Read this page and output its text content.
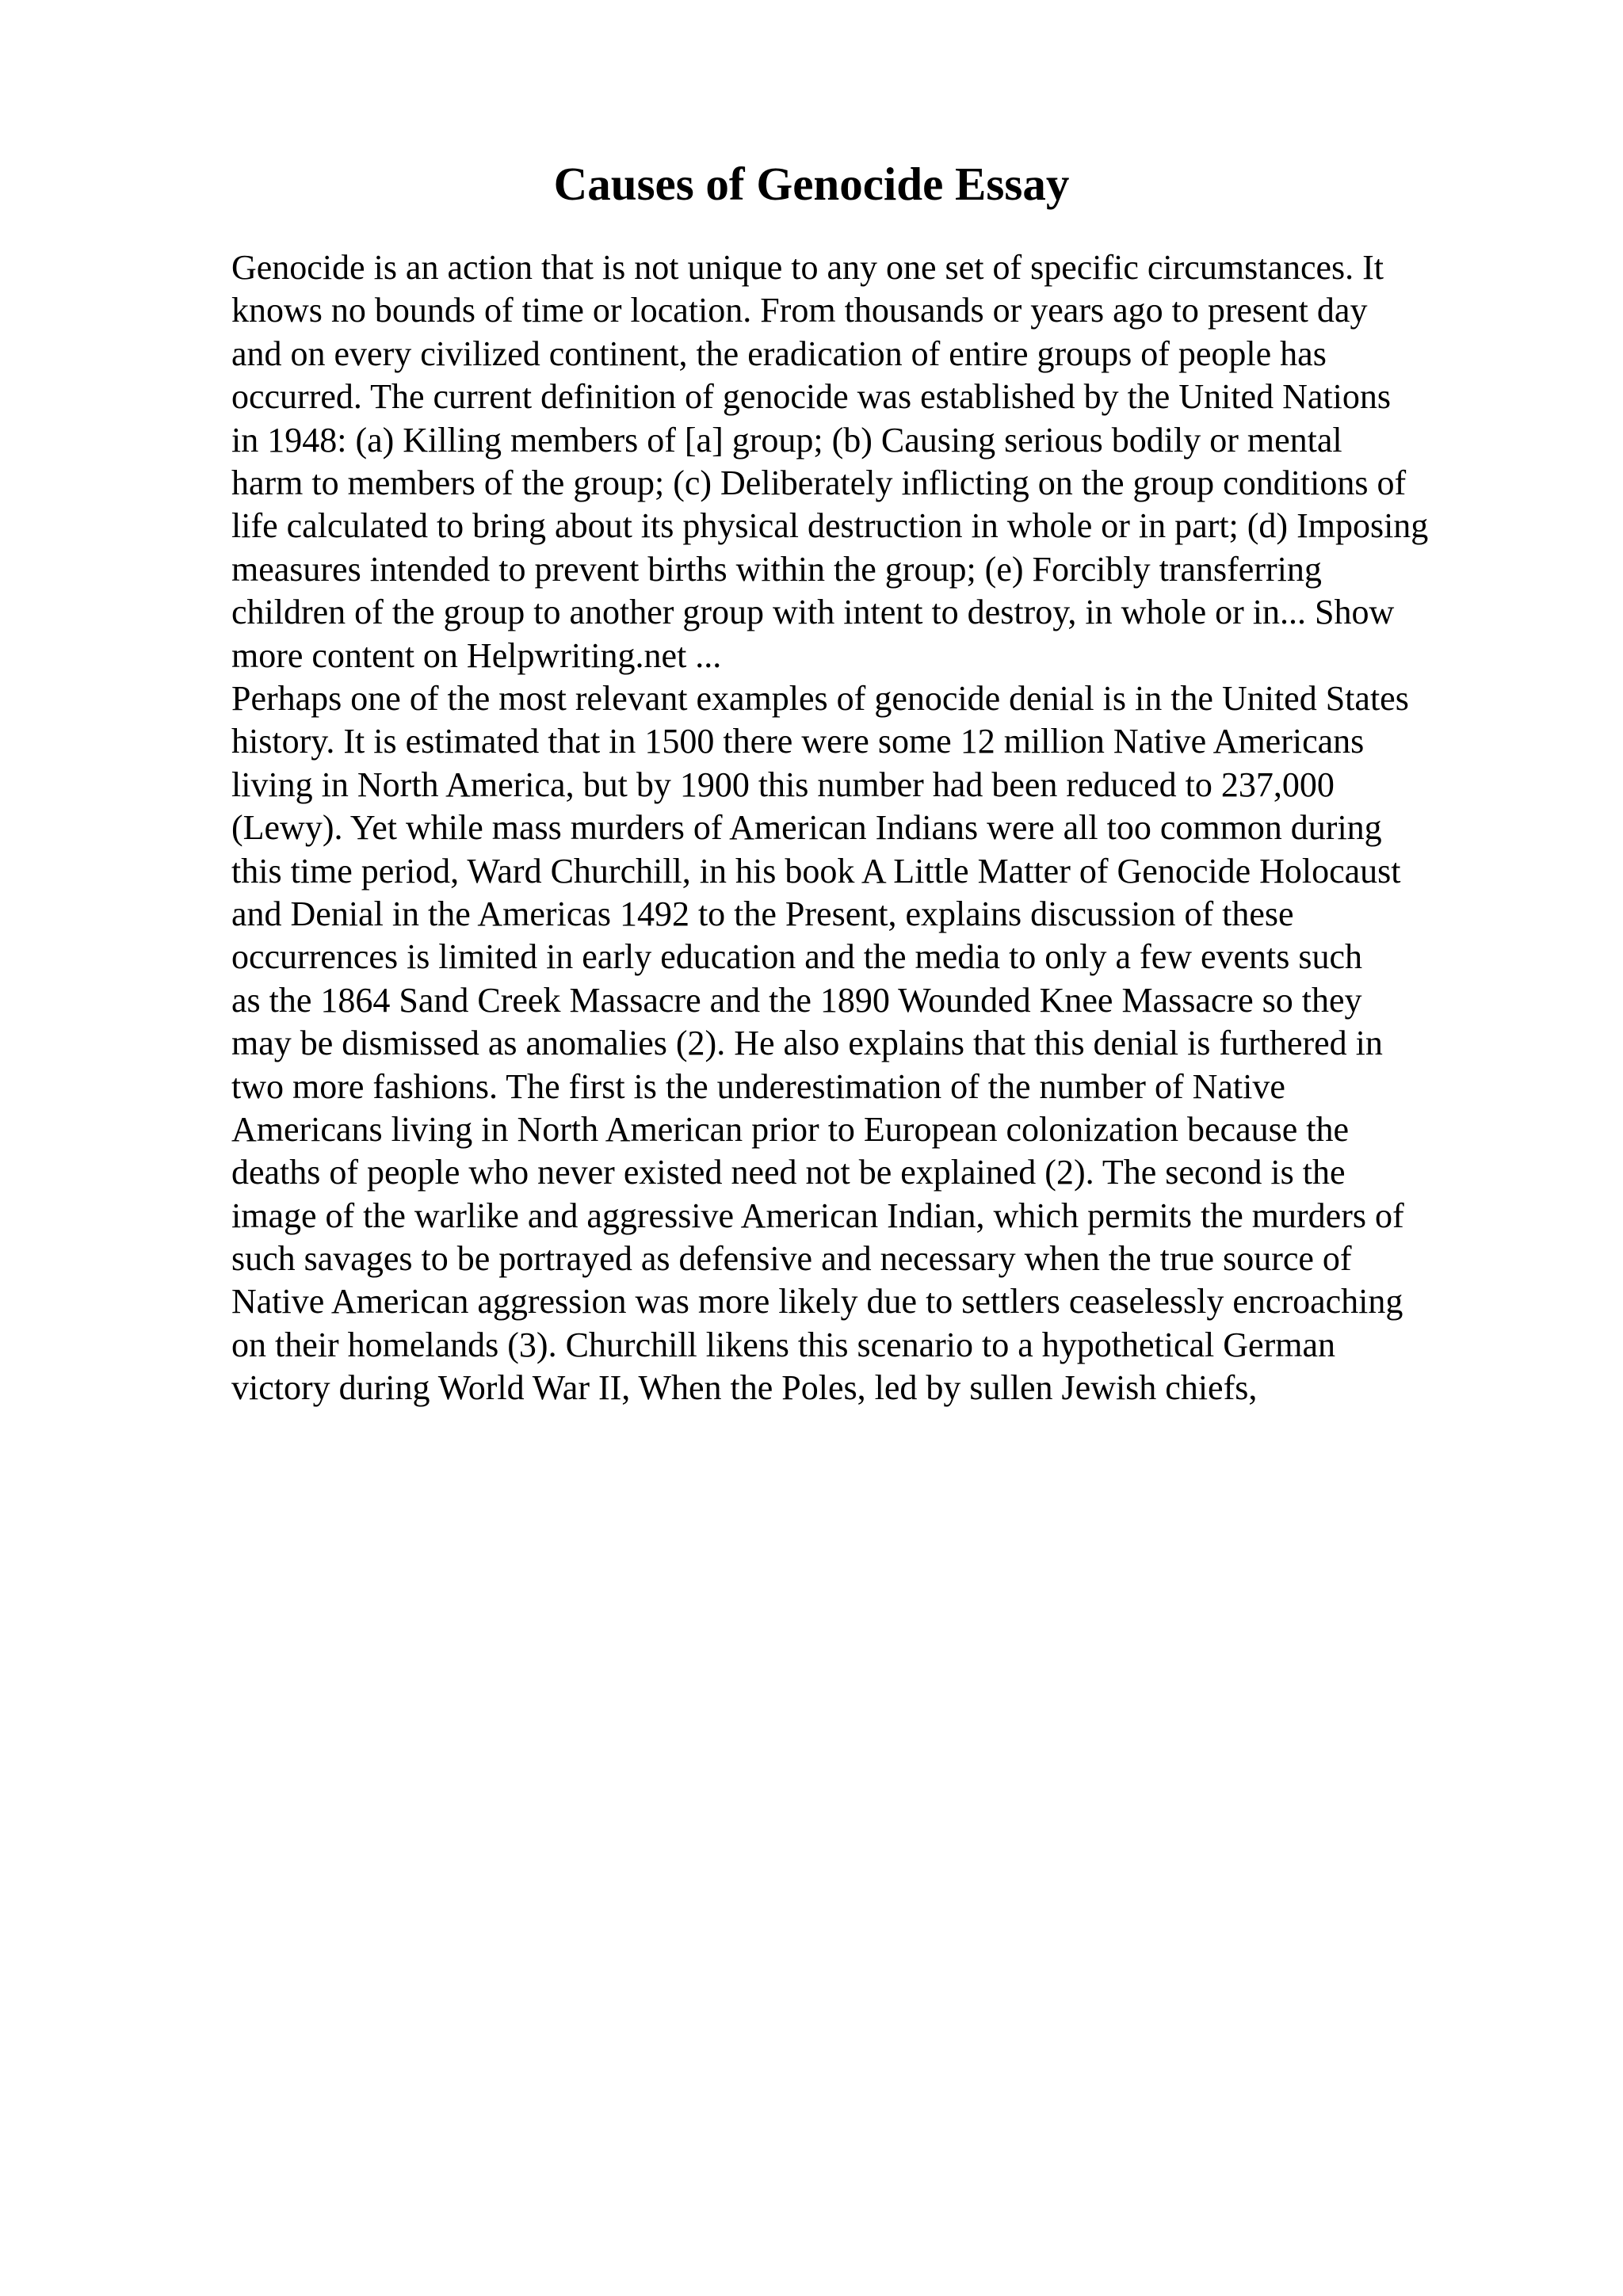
Causes of Genocide Essay
Genocide is an action that is not unique to any one set of specific circumstances. It
knows no bounds of time or location. From thousands or years ago to present day
and on every civilized continent, the eradication of entire groups of people has
occurred. The current definition of genocide was established by the United Nations
in 1948: (a) Killing members of [a] group; (b) Causing serious bodily or mental
harm to members of the group; (c) Deliberately inflicting on the group conditions of
life calculated to bring about its physical destruction in whole or in part; (d) Imposing
measures intended to prevent births within the group; (e) Forcibly transferring
children of the group to another group with intent to destroy, in whole or in... Show
more content on Helpwriting.net ...
Perhaps one of the most relevant examples of genocide denial is in the United States
history. It is estimated that in 1500 there were some 12 million Native Americans
living in North America, but by 1900 this number had been reduced to 237,000
(Lewy). Yet while mass murders of American Indians were all too common during
this time period, Ward Churchill, in his book A Little Matter of Genocide Holocaust
and Denial in the Americas 1492 to the Present, explains discussion of these
occurrences is limited in early education and the media to only a few events such
as the 1864 Sand Creek Massacre and the 1890 Wounded Knee Massacre so they
may be dismissed as anomalies (2). He also explains that this denial is furthered in
two more fashions. The first is the underestimation of the number of Native
Americans living in North American prior to European colonization because the
deaths of people who never existed need not be explained (2). The second is the
image of the warlike and aggressive American Indian, which permits the murders of
such savages to be portrayed as defensive and necessary when the true source of
Native American aggression was more likely due to settlers ceaselessly encroaching
on their homelands (3). Churchill likens this scenario to a hypothetical German
victory during World War II, When the Poles, led by sullen Jewish chiefs,
